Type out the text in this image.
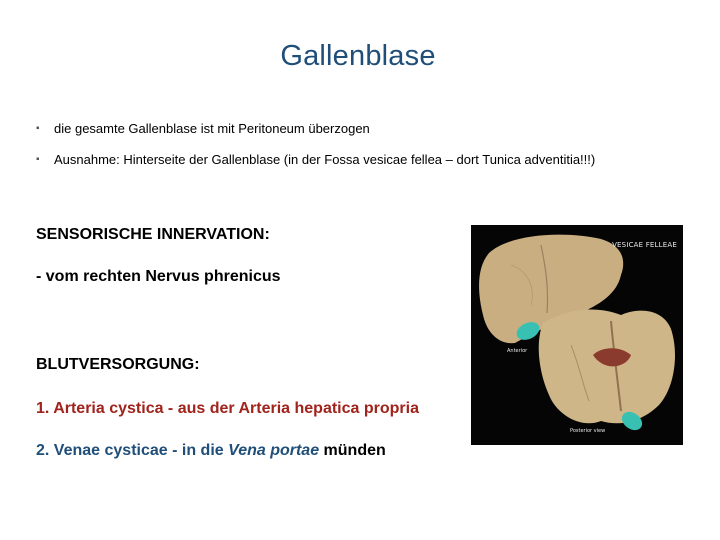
Gallenblase
▪ die gesamte Gallenblase ist mit Peritoneum überzogen
▪ Ausnahme: Hinterseite der Gallenblase (in der Fossa vesicae fellea – dort Tunica adventitia!!!)
SENSORISCHE INNERVATION:
- vom rechten Nervus phrenicus
BLUTVERSORGUNG:
1. Arteria cystica - aus der Arteria hepatica propria
2. Venae cysticae - in die Vena portae münden
VESICAE FELLEAE
Anterior
Posterior view
